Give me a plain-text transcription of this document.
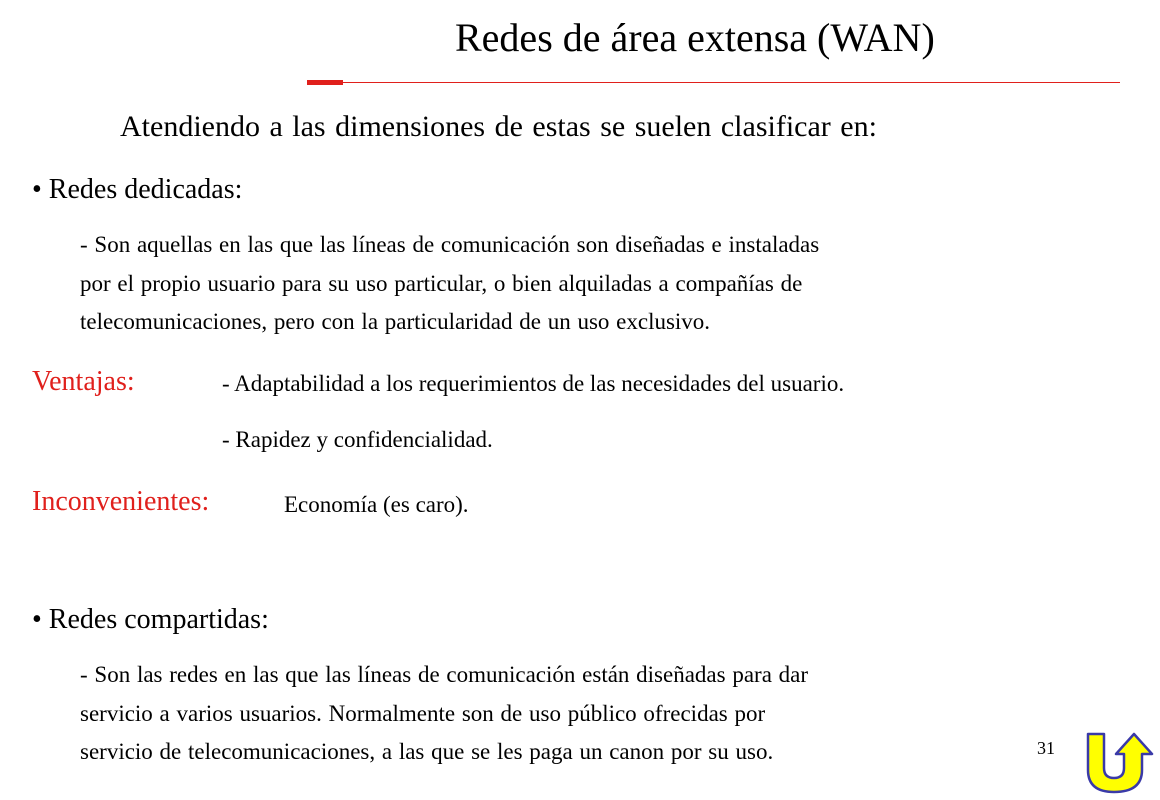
Redes de área extensa (WAN)
Atendiendo a las dimensiones de estas se suelen clasificar en:
• Redes dedicadas:
- Son aquellas en las que las líneas de comunicación son diseñadas e instaladas
por el propio usuario para su uso particular, o bien alquiladas a compañías de
telecomunicaciones, pero con la particularidad de un uso exclusivo.
Ventajas:	- Adaptabilidad a los requerimientos de las necesidades del usuario.
- Rapidez y confidencialidad.
Inconvenientes:	Economía (es caro).
• Redes compartidas:
- Son las redes en las que las líneas de comunicación están diseñadas para dar
servicio a varios usuarios. Normalmente son de uso público ofrecidas por
servicio de telecomunicaciones, a las que se les paga un canon por su uso.	31
